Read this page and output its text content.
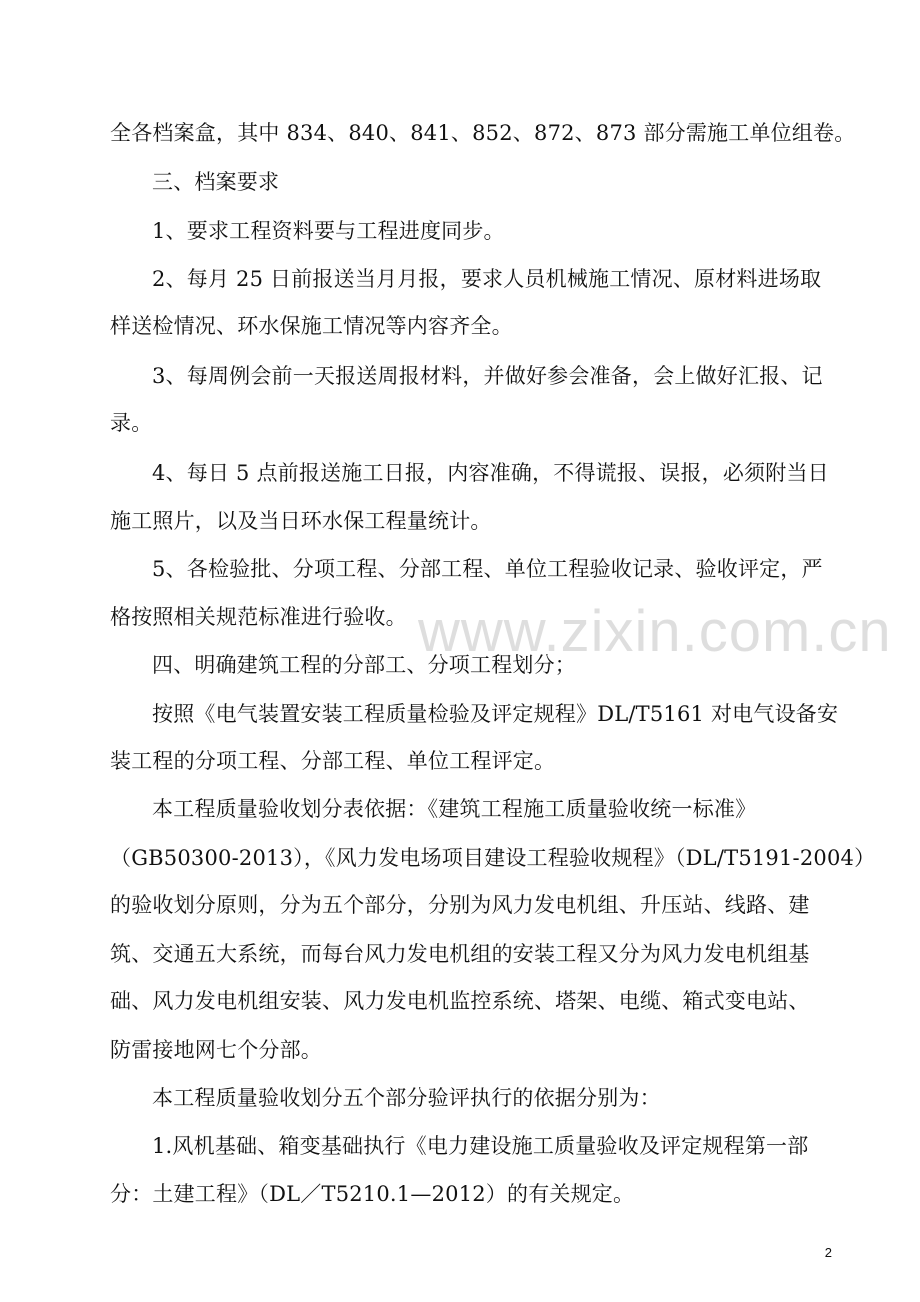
全各档案盒，其中 834、840、841、852、872、873 部分需施工单位组卷。
三、档案要求
1、要求工程资料要与工程进度同步。
2、每月 25 日前报送当月月报，要求人员机械施工情况、原材料进场取
样送检情况、环水保施工情况等内容齐全。
3、每周例会前一天报送周报材料，并做好参会准备，会上做好汇报、记
录。
4、每日 5 点前报送施工日报，内容准确，不得谎报、误报，必须附当日
施工照片，以及当日环水保工程量统计。
5、各检验批、分项工程、分部工程、单位工程验收记录、验收评定，严
格按照相关规范标准进行验收。
四、明确建筑工程的分部工、分项工程划分；
按照《电气装置安装工程质量检验及评定规程》DL/T5161 对电气设备安
装工程的分项工程、分部工程、单位工程评定。
本工程质量验收划分表依据：《建筑工程施工质量验收统一标准》
（GB50300-2013），《风力发电场项目建设工程验收规程》（DL/T5191-2004）
的验收划分原则，分为五个部分，分别为风力发电机组、升压站、线路、建
筑、交通五大系统，而每台风力发电机组的安装工程又分为风力发电机组基
础、风力发电机组安装、风力发电机监控系统、塔架、电缆、箱式变电站、
防雷接地网七个分部。
本工程质量验收划分五个部分验评执行的依据分别为：
1.风机基础、箱变基础执行《电力建设施工质量验收及评定规程第一部
分：土建工程》（DL／T5210.1—2012）的有关规定。
www.zixin.com.cn
2
